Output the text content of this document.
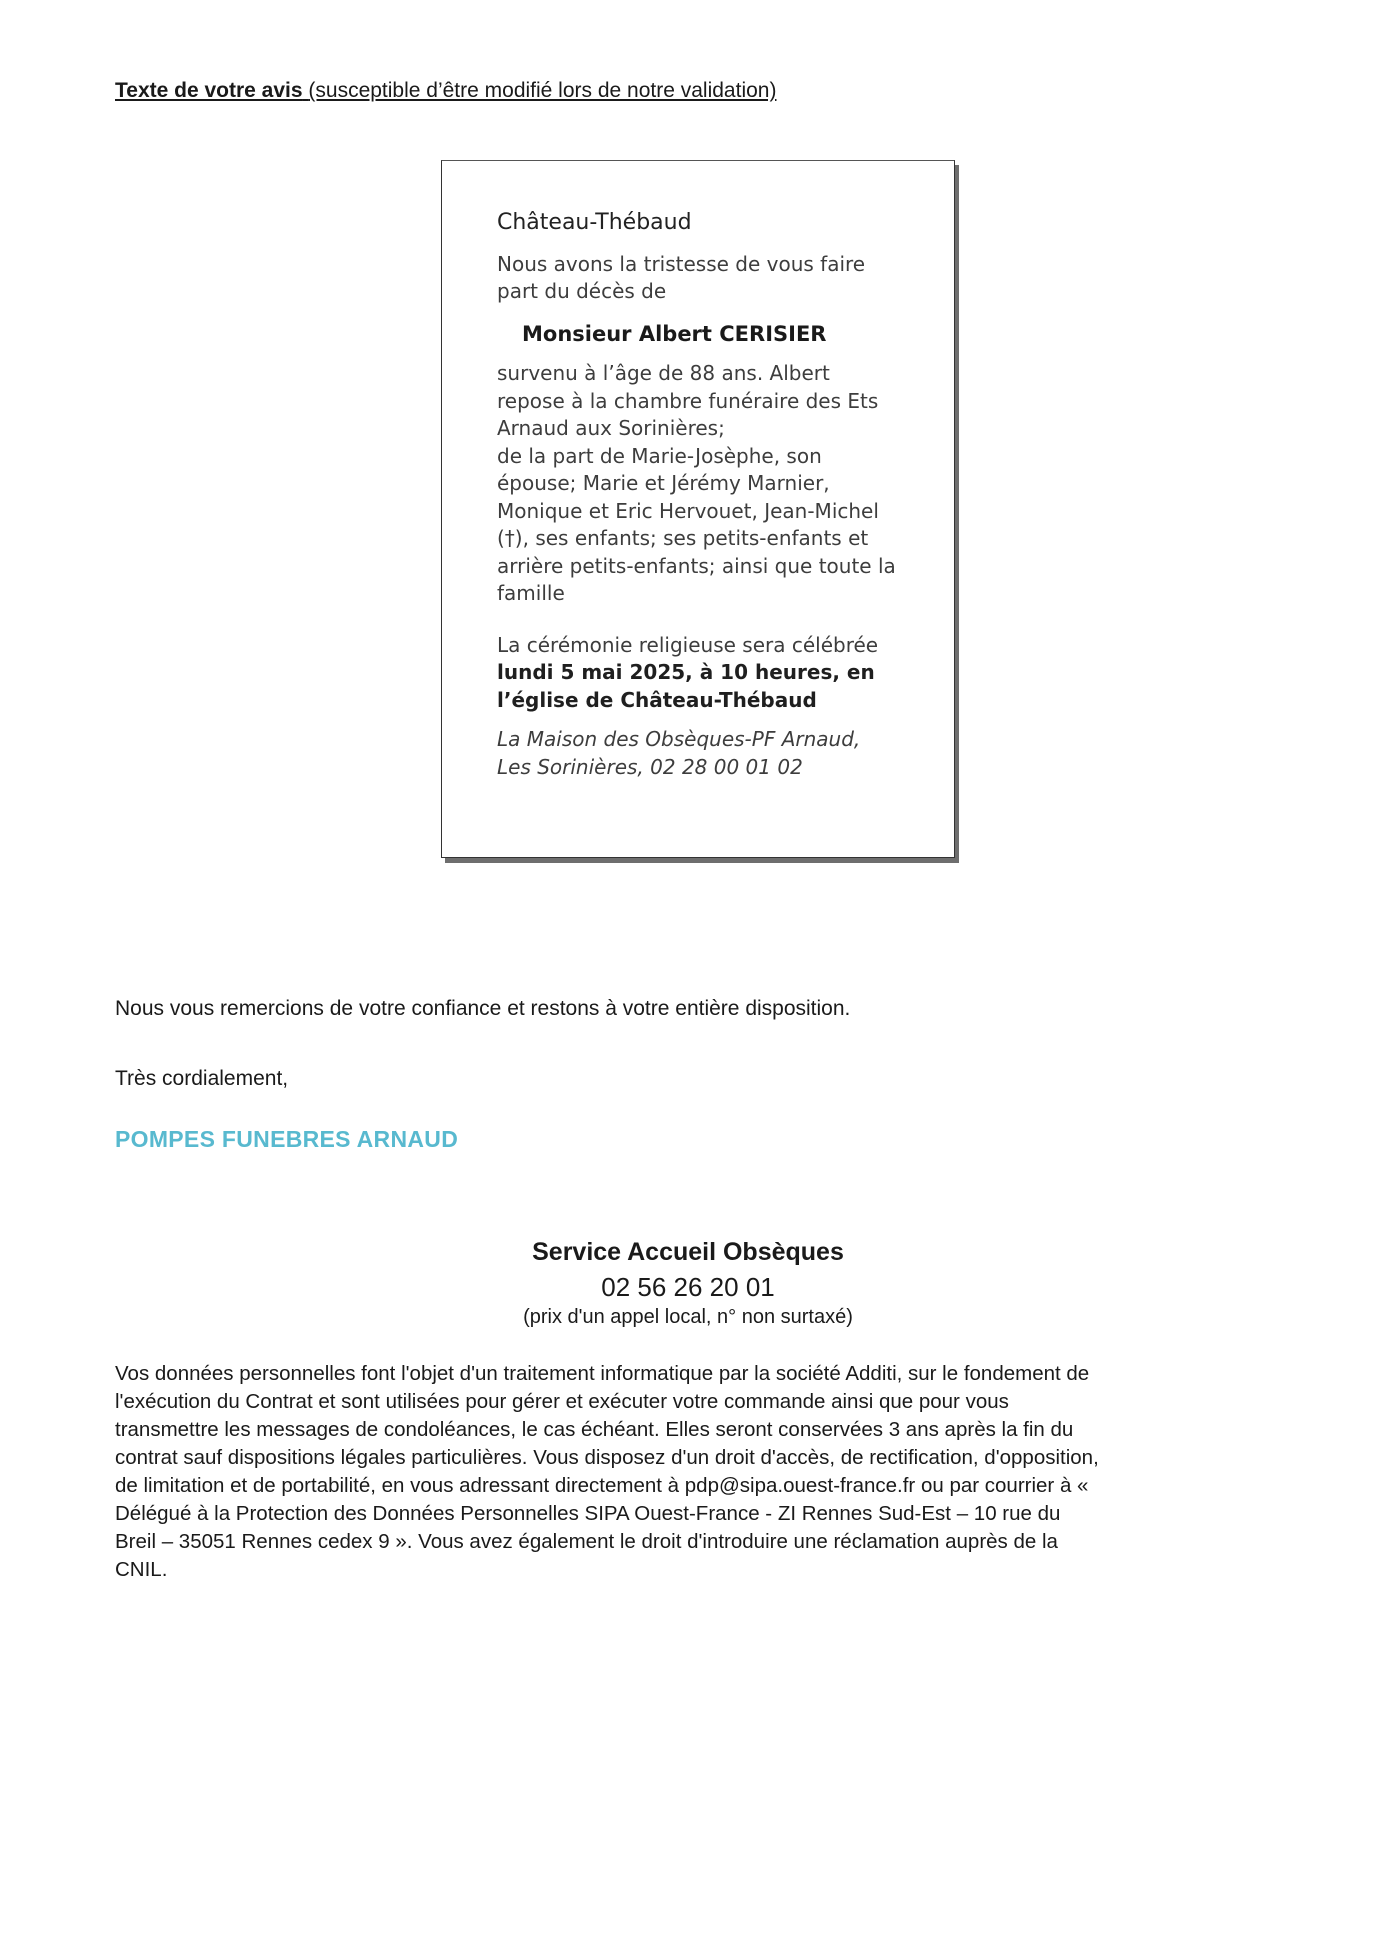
Texte de votre avis (susceptible d’être modifié lors de notre validation)
Château-Thébaud
Nous avons la tristesse de vous faire
part du décès de
Monsieur Albert CERISIER
survenu à l’âge de 88 ans. Albert
repose à la chambre funéraire des Ets
Arnaud aux Sorinières;
de la part de Marie-Josèphe, son
épouse; Marie et Jérémy Marnier,
Monique et Eric Hervouet, Jean-Michel
(†), ses enfants; ses petits-enfants et
arrière petits-enfants; ainsi que toute la
famille
La cérémonie religieuse sera célébrée
lundi 5 mai 2025, à 10 heures, en
l’église de Château-Thébaud
La Maison des Obsèques-PF Arnaud,
Les Sorinières, 02 28 00 01 02
Nous vous remercions de votre confiance et restons à votre entière disposition.
Très cordialement,
POMPES FUNEBRES ARNAUD
Service Accueil Obsèques
02 56 26 20 01
(prix d'un appel local, n° non surtaxé)
Vos données personnelles font l'objet d'un traitement informatique par la société Additi, sur le fondement de
l'exécution du Contrat et sont utilisées pour gérer et exécuter votre commande ainsi que pour vous
transmettre les messages de condoléances, le cas échéant. Elles seront conservées 3 ans après la fin du
contrat sauf dispositions légales particulières. Vous disposez d'un droit d'accès, de rectification, d'opposition,
de limitation et de portabilité, en vous adressant directement à pdp@sipa.ouest-france.fr ou par courrier à «
Délégué à la Protection des Données Personnelles SIPA Ouest-France - ZI Rennes Sud-Est – 10 rue du
Breil – 35051 Rennes cedex 9 ». Vous avez également le droit d'introduire une réclamation auprès de la
CNIL.
